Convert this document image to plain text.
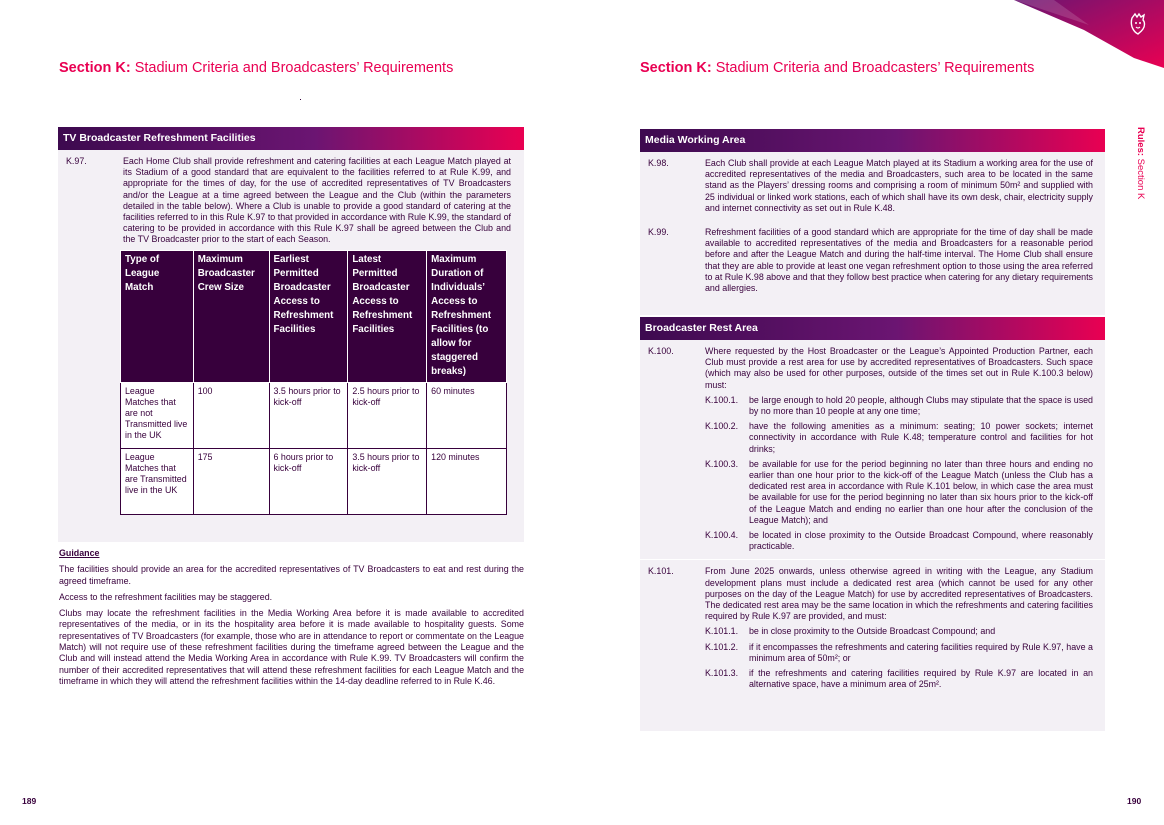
Section K: Stadium Criteria and Broadcasters’ Requirements
TV Broadcaster Refreshment Facilities
K.97.	Each Home Club shall provide refreshment and catering facilities at each League Match played at its Stadium of a good standard that are equivalent to the facilities referred to at Rule K.99, and appropriate for the times of day, for the use of accredited representatives of TV Broadcasters and/or the League at a time agreed between the League and the Club (within the parameters detailed in the table below). Where a Club is unable to provide a good standard of catering at the facilities referred to in this Rule K.97 to that provided in accordance with Rule K.99, the standard of catering to be provided in accordance with this Rule K.97 shall be agreed between the Club and the TV Broadcaster prior to the start of each Season.
Type of League Match	Maximum Broadcaster Crew Size	Earliest Permitted Broadcaster Access to Refreshment Facilities	Latest Permitted Broadcaster Access to Refreshment Facilities	Maximum Duration of Individuals’ Access to Refreshment Facilities (to allow for staggered breaks)
League Matches that are not Transmitted live in the UK	100	3.5 hours prior to kick-off	2.5 hours prior to kick-off	60 minutes
League Matches that are Transmitted live in the UK	175	6 hours prior to kick-off	3.5 hours prior to kick-off	120 minutes
Guidance

The facilities should provide an area for the accredited representatives of TV Broadcasters to eat and rest during the agreed timeframe.

Access to the refreshment facilities may be staggered.

Clubs may locate the refreshment facilities in the Media Working Area before it is made available to accredited representatives of the media, or in its the hospitality area before it is made available to hospitality guests. Some representatives of TV Broadcasters (for example, those who are in attendance to report or commentate on the League Match) will not require use of these refreshment facilities during the timeframe agreed between the League and the Club and will instead attend the Media Working Area in accordance with Rule K.99. TV Broadcasters will confirm the number of their accredited representatives that will attend these refreshment facilities for each League Match and the timeframe in which they will attend the refreshment facilities within the 14-day deadline referred to in Rule K.46.

189
Section K: Stadium Criteria and Broadcasters’ Requirements
Media Working Area
K.98.	Each Club shall provide at each League Match played at its Stadium a working area for the use of accredited representatives of the media and Broadcasters, such area to be located in the same stand as the Players’ dressing rooms and comprising a room of minimum 50m² and supplied with 25 individual or linked work stations, each of which shall have its own desk, chair, electricity supply and internet connectivity as set out in Rule K.48.
K.99.	Refreshment facilities of a good standard which are appropriate for the time of day shall be made available to accredited representatives of the media and Broadcasters for a reasonable period before and after the League Match and during the half-time interval. The Home Club shall ensure that they are able to provide at least one vegan refreshment option to those using the area referred to at Rule K.98 above and that they follow best practice when catering for any dietary requirements and allergies.
Broadcaster Rest Area
K.100.	Where requested by the Host Broadcaster or the League’s Appointed Production Partner, each Club must provide a rest area for use by accredited representatives of Broadcasters. Such space (which may also be used for other purposes, outside of the times set out in Rule K.100.3 below) must:
K.100.1.	be large enough to hold 20 people, although Clubs may stipulate that the space is used by no more than 10 people at any one time;
K.100.2.	have the following amenities as a minimum: seating; 10 power sockets; internet connectivity in accordance with Rule K.48; temperature control and facilities for hot drinks;
K.100.3.	be available for use for the period beginning no later than three hours and ending no earlier than one hour prior to the kick-off of the League Match (unless the Club has a dedicated rest area in accordance with Rule K.101 below, in which case the area must be available for use for the period beginning no later than six hours prior to the kick-off of the League Match and ending no earlier than one hour after the conclusion of the League Match); and
K.100.4.	be located in close proximity to the Outside Broadcast Compound, where reasonably practicable.
K.101.	From June 2025 onwards, unless otherwise agreed in writing with the League, any Stadium development plans must include a dedicated rest area (which cannot be used for any other purposes on the day of the League Match) for use by accredited representatives of Broadcasters. The dedicated rest area may be the same location in which the refreshments and catering facilities required by Rule K.97 are provided, and must:
K.101.1.	be in close proximity to the Outside Broadcast Compound; and
K.101.2.	if it encompasses the refreshments and catering facilities required by Rule K.97, have a minimum area of 50m²; or
K.101.3.	if the refreshments and catering facilities required by Rule K.97 are located in an alternative space, have a minimum area of 25m².
Rules: Section K
190
